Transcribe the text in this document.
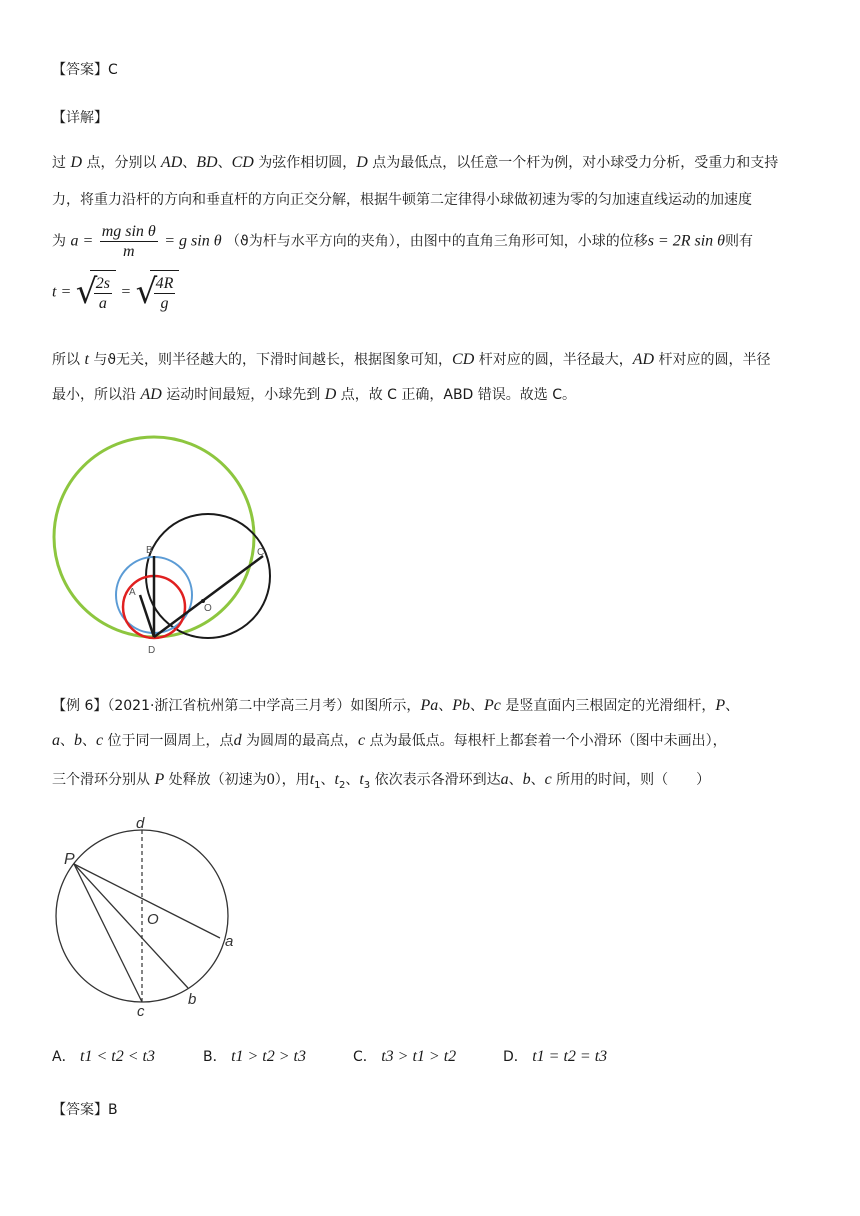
【答案】C
【详解】
过 D 点，分别以 AD、BD、CD 为弦作相切圆，D 点为最低点，以任意一个杆为例，对小球受力分析，受重力和支持
力，将重力沿杆的方向和垂直杆的方向正交分解，根据牛顿第二定律得小球做初速为零的匀加速直线运动的加速度
为 $a = \frac{\text{mg sin θ}}{m} = g$ sin θ （ϑ为杆与水平方向的夹角），由图中的直角三角形可知，小球的位移s = 2R sin θ则有
t = √ $\frac{2s}{a}$ = √ $\frac{4R}{g}$
所以 t 与ϑ无关，则半径越大的，下滑时间越长，根据图象可知，CD 杆对应的圆，半径最大，AD 杆对应的圆，半径
最小，所以沿 AD 运动时间最短，小球先到 D 点，故 C 正确，ABD 错误。故选 C。
B
A
C
D
O
【例 6】（2021·浙江省杭州第二中学高三月考）如图所示，Pa、Pb、Pc 是竖直面内三根固定的光滑细杆，P、
a、b、c 位于同一圆周上，点d 为圆周的最高点，c 点为最低点。每根杆上都套着一个小滑环（图中未画出），
三个滑环分别从 P 处释放（初速为0），用$t_1$、$t_2$、$t_3$ 依次表示各滑环到达a、b、c 所用的时间，则（　　）
P
d
O
a
b
c
A． t1 < t2 < t3	B． t1 > t2 > t3	C． t3 > t1 > t2	D． t1 = t2 = t3
【答案】B
